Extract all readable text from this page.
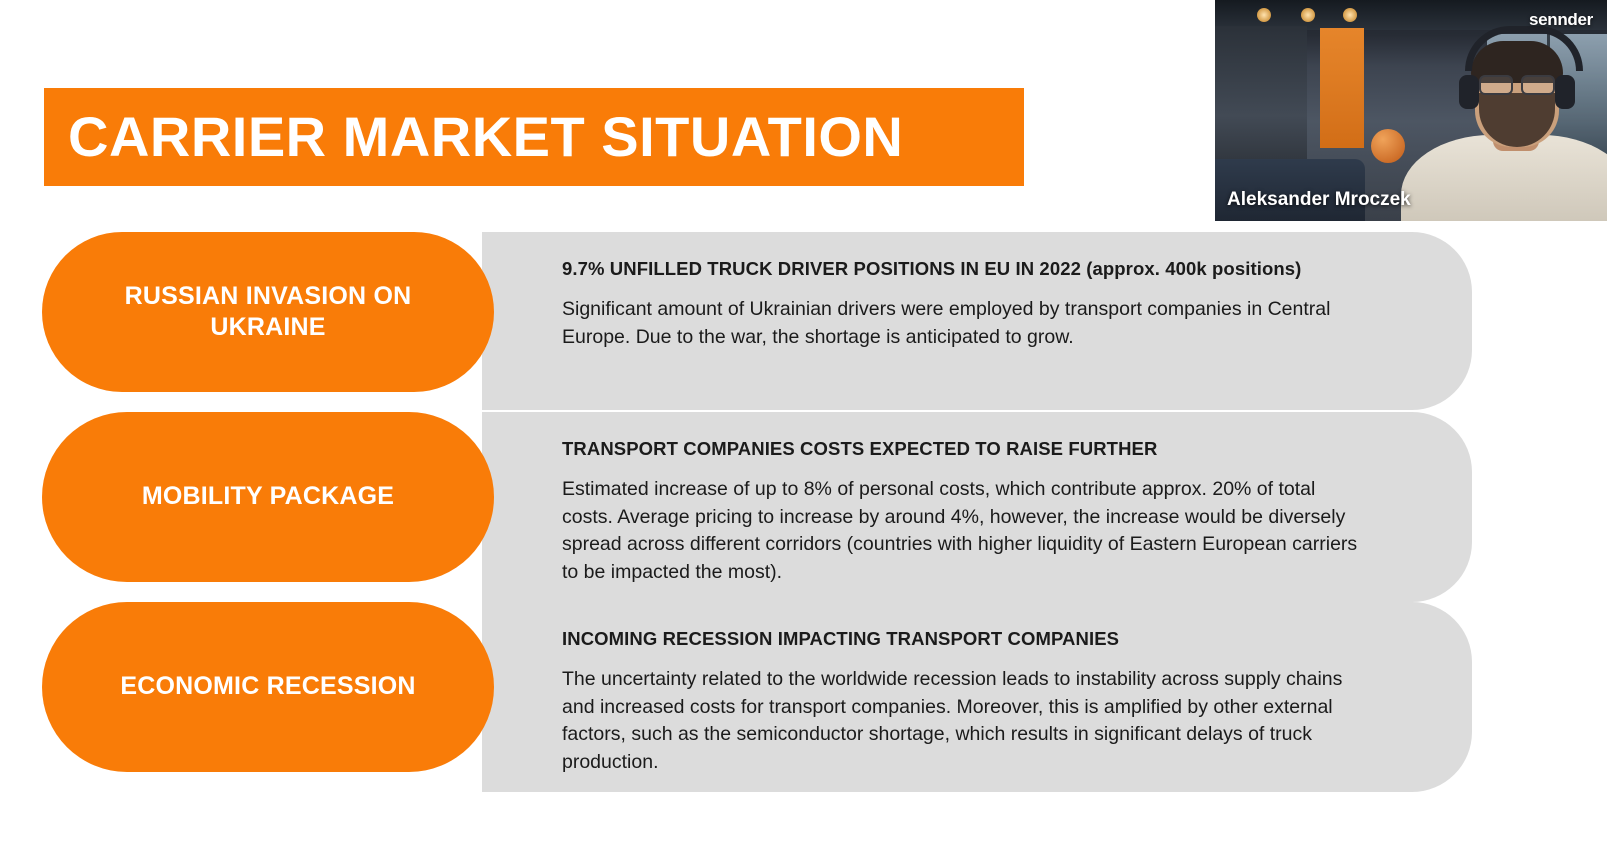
CARRIER MARKET SITUATION
9.7% UNFILLED TRUCK DRIVER POSITIONS IN EU IN 2022 (approx. 400k positions)
Significant amount of Ukrainian drivers were employed by transport companies in Central Europe. Due to the war, the shortage is anticipated to grow.
RUSSIAN INVASION ON UKRAINE
TRANSPORT COMPANIES COSTS EXPECTED TO RAISE FURTHER
Estimated increase of up to 8% of personal costs, which contribute approx. 20% of total costs. Average pricing to increase by around 4%, however, the increase would be diversely spread across different corridors (countries with higher liquidity of Eastern European carriers to be impacted the most).
MOBILITY PACKAGE
INCOMING RECESSION IMPACTING TRANSPORT COMPANIES
The uncertainty related to the worldwide recession leads to instability across supply chains and increased costs for transport companies. Moreover, this is amplified by other external factors, such as the semiconductor shortage, which results in significant delays of truck production.
ECONOMIC RECESSION
sennder
Aleksander Mroczek
